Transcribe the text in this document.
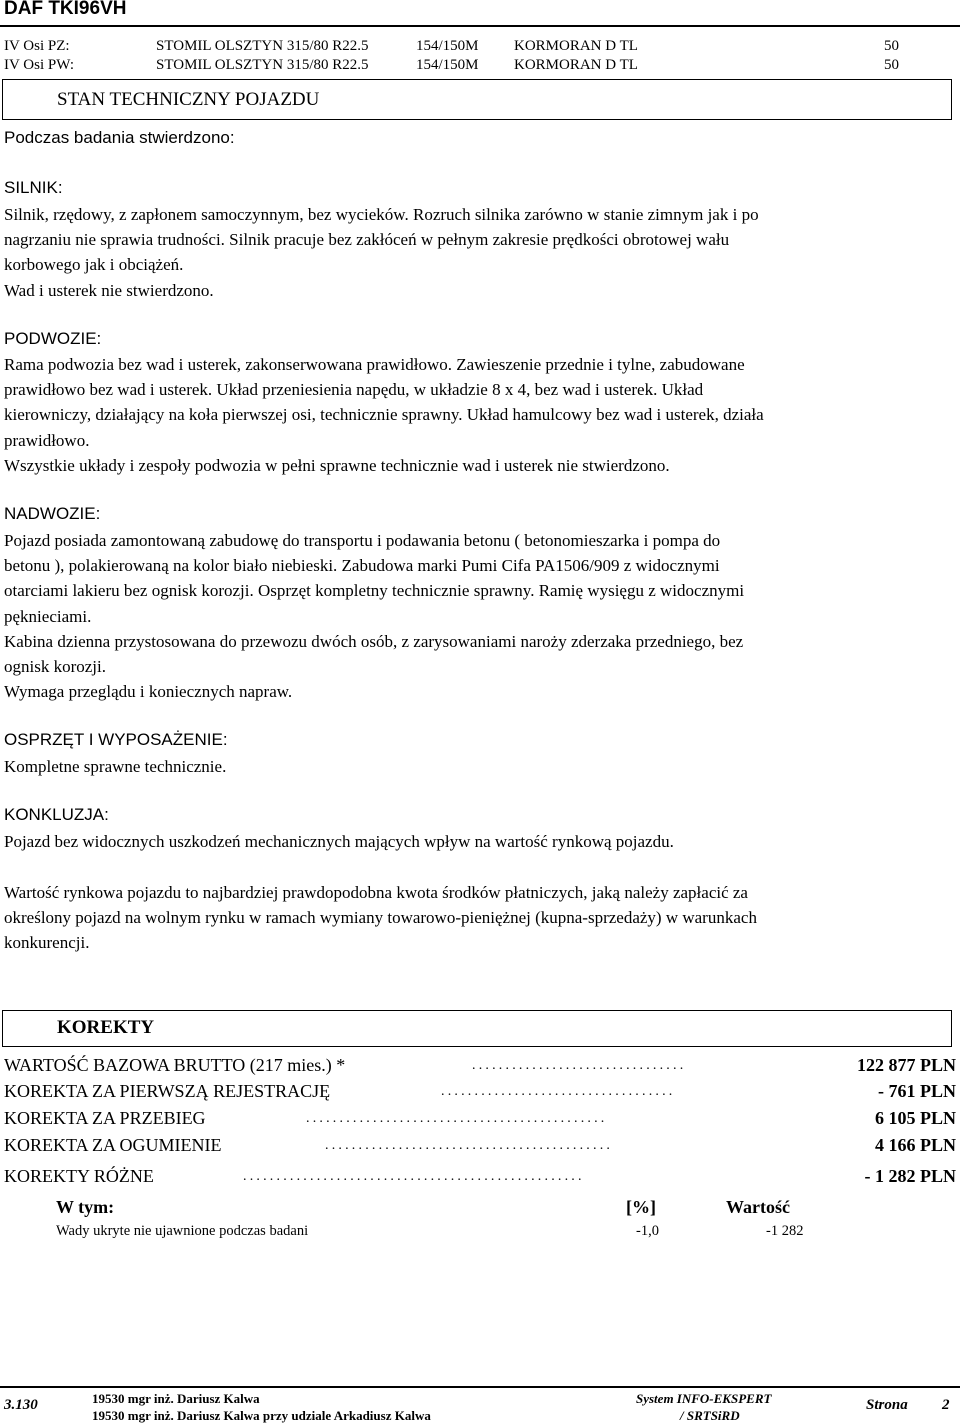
DAF TKI96VH
IV Osi PZ:	STOMIL OLSZTYN 315/80 R22.5	154/150M KORMORAN D TL	50
IV Osi PW:	STOMIL OLSZTYN 315/80 R22.5	154/150M KORMORAN D TL	50
STAN TECHNICZNY POJAZDU
Podczas badania stwierdzono:
SILNIK:

Silnik, rzędowy, z zapłonem samoczynnym, bez wycieków. Rozruch silnika zarówno w stanie zimnym jak i po

nagrzaniu nie sprawia trudności. Silnik pracuje bez zakłóceń w pełnym zakresie prędkości obrotowej wału

korbowego jak i obciążeń.

Wad i usterek nie stwierdzono.

PODWOZIE:

Rama podwozia bez wad i usterek, zakonserwowana prawidłowo. Zawieszenie przednie i tylne, zabudowane

prawidłowo bez wad i usterek. Układ przeniesienia napędu, w układzie 8 x 4, bez wad i usterek. Układ

kierowniczy, działający na koła pierwszej osi, technicznie sprawny. Układ hamulcowy bez wad i usterek, działa

prawidłowo.

Wszystkie układy i zespoły podwozia w pełni sprawne technicznie wad i usterek nie stwierdzono.

NADWOZIE:

Pojazd posiada zamontowaną zabudowę do transportu i podawania betonu ( betonomieszarka i pompa do

betonu ), polakierowaną na kolor biało niebieski. Zabudowa marki Pumi Cifa PA1506/909 z widocznymi

otarciami lakieru bez ognisk korozji. Osprzęt kompletny technicznie sprawny. Ramię wysięgu z widocznymi

pęknieciami.

Kabina dzienna przystosowana do przewozu dwóch osób, z zarysowaniami naroży zderzaka przedniego, bez

ognisk korozji.

Wymaga przeglądu i koniecznych napraw.

OSPRZĘT I WYPOSAŻENIE:

Kompletne sprawne technicznie.

KONKLUZJA:

Pojazd bez widocznych uszkodzeń mechanicznych mających wpływ na wartość rynkową pojazdu.

Wartość rynkowa pojazdu to najbardziej prawdopodobna kwota środków płatniczych, jaką należy zapłacić za

określony pojazd na wolnym rynku w ramach wymiany towarowo-pieniężnej (kupna-sprzedaży) w warunkach

konkurencji.

KOREKTY
WARTOŚĆ BAZOWA BRUTTO (217 mies.) *	................................	122 877 PLN
KOREKTA ZA PIERWSZĄ REJESTRACJĘ	...................................	- 761 PLN
KOREKTA ZA PRZEBIEG	.............................................	6 105 PLN
KOREKTA ZA OGUMIENIE	...........................................	4 166 PLN
KOREKTY RÓŻNE	...................................................	- 1 282 PLN
W tym:	[%]	Wartość
Wady ukryte nie ujawnione podczas badani	-1,0	-1 282
3.130	19530 mgr inż. Dariusz Kalwa
19530 mgr inż. Dariusz Kalwa przy udziale Arkadiusz Kalwa
System INFO-EKSPERT
/ SRTSiRD
Strona 2
